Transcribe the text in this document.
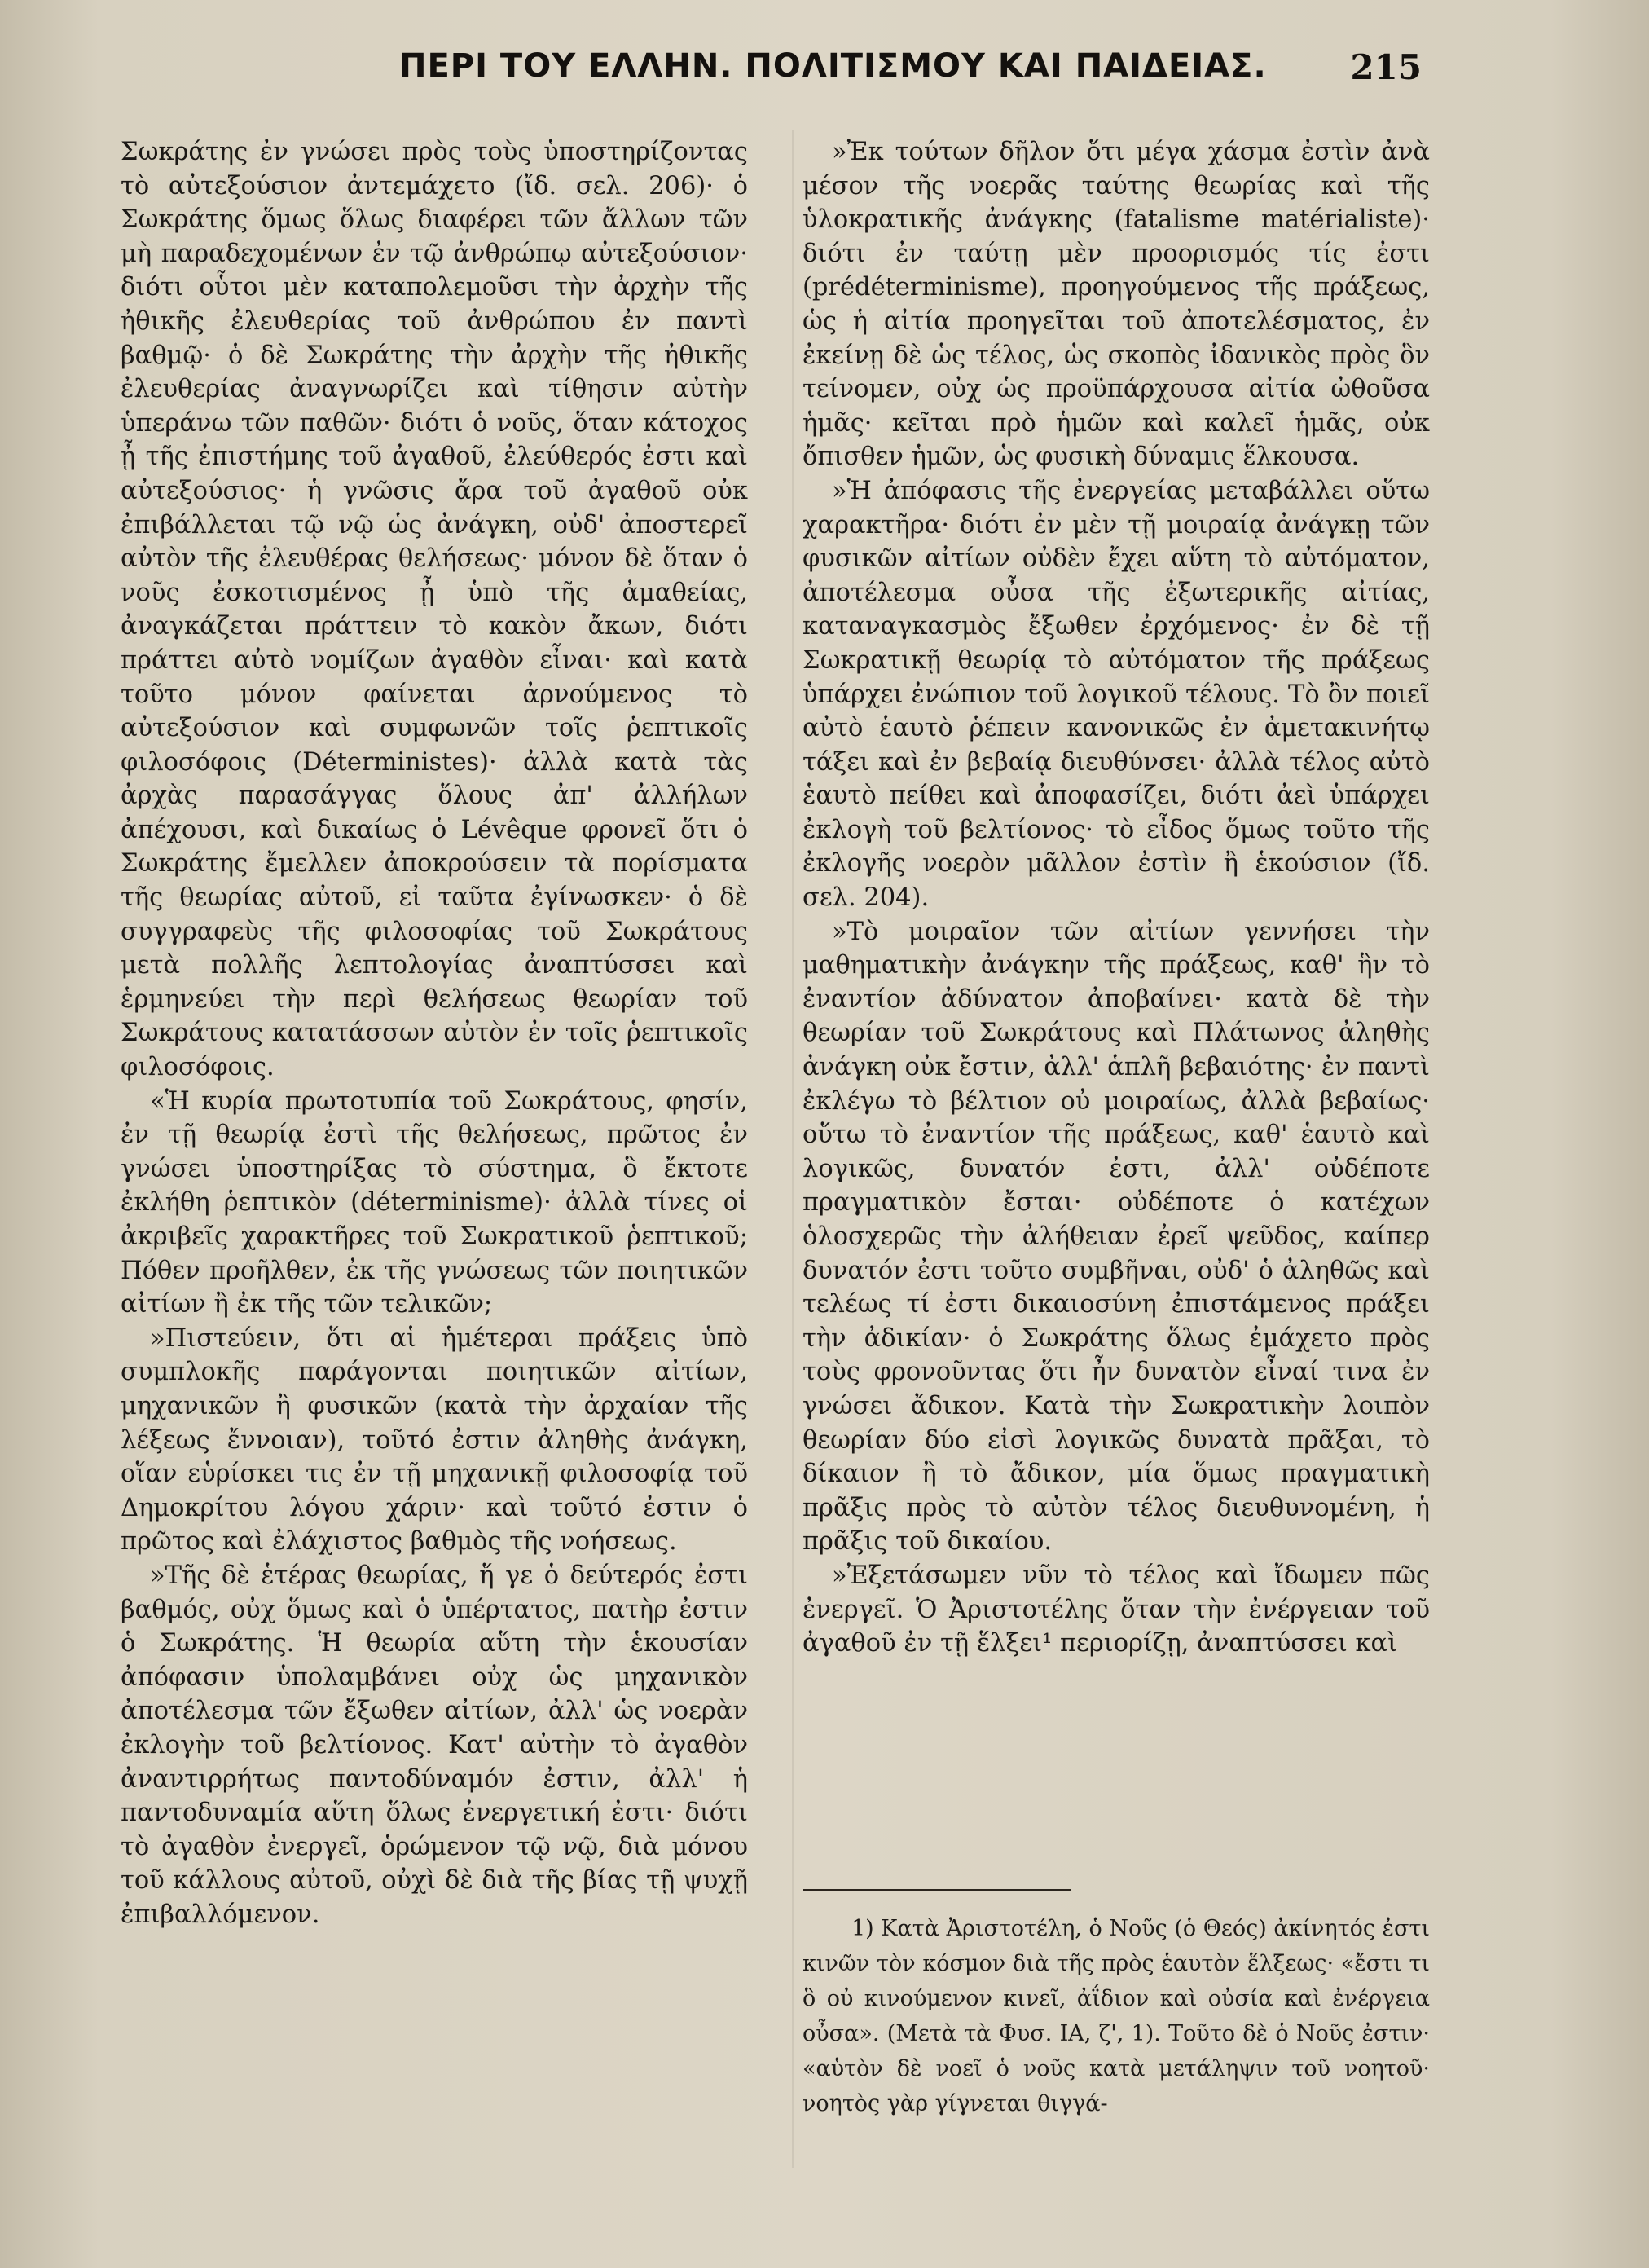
ΠΕΡΙ ΤΟΥ ΕΛΛΗΝ. ΠΟΛΙΤΙΣΜΟΥ ΚΑΙ ΠΑΙΔΕΙΑΣ. 215

Σωκράτης ἐν γνώσει πρὸς τοὺς ὑποστηρίζοντας τὸ αὐτεξούσιον ἀντεμάχετο (ἴδ. σελ. 206)· ὁ Σωκράτης ὅμως ὅλως διαφέρει τῶν ἄλλων τῶν μὴ παραδεχομένων ἐν τῷ ἀνθρώπῳ αὐτεξούσιον· διότι οὗτοι μὲν καταπολεμοῦσι τὴν ἀρχὴν τῆς ἠθικῆς ἐλευθερίας τοῦ ἀνθρώπου ἐν παντὶ βαθμῷ· ὁ δὲ Σωκράτης τὴν ἀρχὴν τῆς ἠθικῆς ἐλευθερίας ἀναγνωρίζει καὶ τίθησιν αὐτὴν ὑπεράνω τῶν παθῶν· διότι ὁ νοῦς, ὅταν κάτοχος ᾖ τῆς ἐπιστήμης τοῦ ἀγαθοῦ, ἐλεύθερός ἐστι καὶ αὐτεξούσιος· ἡ γνῶσις ἄρα τοῦ ἀγαθοῦ οὐκ ἐπιβάλλεται τῷ νῷ ὡς ἀνάγκη, οὐδ' ἀποστερεῖ αὐτὸν τῆς ἐλευθέρας θελήσεως· μόνον δὲ ὅταν ὁ νοῦς ἐσκοτισμένος ᾖ ὑπὸ τῆς ἀμαθείας, ἀναγκάζεται πράττειν τὸ κακὸν ἄκων, διότι πράττει αὐτὸ νομίζων ἀγαθὸν εἶναι· καὶ κατὰ τοῦτο μόνον φαίνεται ἀρνούμενος τὸ αὐτεξούσιον καὶ συμφωνῶν τοῖς ῥεπτικοῖς φιλοσόφοις (Déterministes)· ἀλλὰ κατὰ τὰς ἀρχὰς παρασάγγας ὅλους ἀπ' ἀλλήλων ἀπέχουσι, καὶ δικαίως ὁ Lévêque φρονεῖ ὅτι ὁ Σωκράτης ἔμελλεν ἀποκρούσειν τὰ πορίσματα τῆς θεωρίας αὐτοῦ, εἰ ταῦτα ἐγίνωσκεν· ὁ δὲ συγγραφεὺς τῆς φιλοσοφίας τοῦ Σωκράτους μετὰ πολλῆς λεπτολογίας ἀναπτύσσει καὶ ἑρμηνεύει τὴν περὶ θελήσεως θεωρίαν τοῦ Σωκράτους κατατάσσων αὐτὸν ἐν τοῖς ῥεπτικοῖς φιλοσόφοις.

«Ἡ κυρία πρωτοτυπία τοῦ Σωκράτους, φησίν, ἐν τῇ θεωρίᾳ ἐστὶ τῆς θελήσεως, πρῶτος ἐν γνώσει ὑποστηρίξας τὸ σύστημα, ὃ ἔκτοτε ἐκλήθη ῥεπτικὸν (déterminisme)· ἀλλὰ τίνες οἱ ἀκριβεῖς χαρακτῆρες τοῦ Σωκρατικοῦ ῥεπτικοῦ; Πόθεν προῆλθεν, ἐκ τῆς γνώσεως τῶν ποιητικῶν αἰτίων ἢ ἐκ τῆς τῶν τελικῶν;

»Πιστεύειν, ὅτι αἱ ἡμέτεραι πράξεις ὑπὸ συμπλοκῆς παράγονται ποιητικῶν αἰτίων, μηχανικῶν ἢ φυσικῶν (κατὰ τὴν ἀρχαίαν τῆς λέξεως ἔννοιαν), τοῦτό ἐστιν ἀληθὴς ἀνάγκη, οἵαν εὑρίσκει τις ἐν τῇ μηχανικῇ φιλοσοφίᾳ τοῦ Δημοκρίτου λόγου χάριν· καὶ τοῦτό ἐστιν ὁ πρῶτος καὶ ἐλάχιστος βαθμὸς τῆς νοήσεως.

»Τῆς δὲ ἑτέρας θεωρίας, ἥ γε ὁ δεύτερός ἐστι βαθμός, οὐχ ὅμως καὶ ὁ ὑπέρτατος, πατὴρ ἐστιν ὁ Σωκράτης. Ἡ θεωρία αὕτη τὴν ἑκουσίαν ἀπόφασιν ὑπολαμβάνει οὐχ ὡς μηχανικὸν ἀποτέλεσμα τῶν ἔξωθεν αἰτίων, ἀλλ' ὡς νοερὰν ἐκλογὴν τοῦ βελτίονος. Κατ' αὐτὴν τὸ ἀγαθὸν ἀναντιρρήτως παντοδύναμόν ἐστιν, ἀλλ' ἡ παντοδυναμία αὕτη ὅλως ἐνεργετική ἐστι· διότι τὸ ἀγαθὸν ἐνεργεῖ, ὁρώμενον τῷ νῷ, διὰ μόνου τοῦ κάλλους αὐτοῦ, οὐχὶ δὲ διὰ τῆς βίας τῇ ψυχῇ ἐπιβαλλόμενον.

»Ἐκ τούτων δῆλον ὅτι μέγα χάσμα ἐστὶν ἀνὰ μέσον τῆς νοερᾶς ταύτης θεωρίας καὶ τῆς ὑλοκρατικῆς ἀνάγκης (fatalisme matérialiste)· διότι ἐν ταύτῃ μὲν προορισμός τίς ἐστι (prédéterminisme), προηγούμενος τῆς πράξεως, ὡς ἡ αἰτία προηγεῖται τοῦ ἀποτελέσματος, ἐν ἐκείνῃ δὲ ὡς τέλος, ὡς σκοπὸς ἰδανικὸς πρὸς ὃν τείνομεν, οὐχ ὡς προϋπάρχουσα αἰτία ὠθοῦσα ἡμᾶς· κεῖται πρὸ ἡμῶν καὶ καλεῖ ἡμᾶς, οὐκ ὄπισθεν ἡμῶν, ὡς φυσικὴ δύναμις ἕλκουσα.

»Ἡ ἀπόφασις τῆς ἐνεργείας μεταβάλλει οὕτω χαρακτῆρα· διότι ἐν μὲν τῇ μοιραίᾳ ἀνάγκῃ τῶν φυσικῶν αἰτίων οὐδὲν ἔχει αὕτη τὸ αὐτόματον, ἀποτέλεσμα οὖσα τῆς ἐξωτερικῆς αἰτίας, καταναγκασμὸς ἔξωθεν ἐρχόμενος· ἐν δὲ τῇ Σωκρατικῇ θεωρίᾳ τὸ αὐτόματον τῆς πράξεως ὑπάρχει ἐνώπιον τοῦ λογικοῦ τέλους. Τὸ ὂν ποιεῖ αὐτὸ ἑαυτὸ ῥέπειν κανονικῶς ἐν ἀμετακινήτῳ τάξει καὶ ἐν βεβαίᾳ διευθύνσει· ἀλλὰ τέλος αὐτὸ ἑαυτὸ πείθει καὶ ἀποφασίζει, διότι ἀεὶ ὑπάρχει ἐκλογὴ τοῦ βελτίονος· τὸ εἶδος ὅμως τοῦτο τῆς ἐκλογῆς νοερὸν μᾶλλον ἐστὶν ἢ ἑκούσιον (ἴδ. σελ. 204).

»Τὸ μοιραῖον τῶν αἰτίων γεννήσει τὴν μαθηματικὴν ἀνάγκην τῆς πράξεως, καθ' ἣν τὸ ἐναντίον ἀδύνατον ἀποβαίνει· κατὰ δὲ τὴν θεωρίαν τοῦ Σωκράτους καὶ Πλάτωνος ἀληθὴς ἀνάγκη οὐκ ἔστιν, ἀλλ' ἁπλῆ βεβαιότης· ἐν παντὶ ἐκλέγω τὸ βέλτιον οὐ μοιραίως, ἀλλὰ βεβαίως· οὕτω τὸ ἐναντίον τῆς πράξεως, καθ' ἑαυτὸ καὶ λογικῶς, δυνατόν ἐστι, ἀλλ' οὐδέποτε πραγματικὸν ἔσται· οὐδέποτε ὁ κατέχων ὁλοσχερῶς τὴν ἀλήθειαν ἐρεῖ ψεῦδος, καίπερ δυνατόν ἐστι τοῦτο συμβῆναι, οὐδ' ὁ ἀληθῶς καὶ τελέως τί ἐστι δικαιοσύνη ἐπιστάμενος πράξει τὴν ἀδικίαν· ὁ Σωκράτης ὅλως ἐμάχετο πρὸς τοὺς φρονοῦντας ὅτι ἦν δυνατὸν εἶναί τινα ἐν γνώσει ἄδικον. Κατὰ τὴν Σωκρατικὴν λοιπὸν θεωρίαν δύο εἰσὶ λογικῶς δυνατὰ πρᾶξαι, τὸ δίκαιον ἢ τὸ ἄδικον, μία ὅμως πραγματικὴ πρᾶξις πρὸς τὸ αὐτὸν τέλος διευθυνομένη, ἡ πρᾶξις τοῦ δικαίου.

»Ἐξετάσωμεν νῦν τὸ τέλος καὶ ἴδωμεν πῶς ἐνεργεῖ. Ὁ Ἀριστοτέλης ὅταν τὴν ἐνέργειαν τοῦ ἀγαθοῦ ἐν τῇ ἕλξει¹ περιορίζῃ, ἀναπτύσσει καὶ

1) Κατὰ Ἀριστοτέλη, ὁ Νοῦς (ὁ Θεός) ἀκίνητός ἐστι κινῶν τὸν κόσμον διὰ τῆς πρὸς ἑαυτὸν ἕλξεως· «ἔστι τι ὃ οὐ κινούμενον κινεῖ, ἀΐδιον καὶ οὐσία καὶ ἐνέργεια οὖσα». (Μετὰ τὰ Φυσ. ΙΑ, ζ', 1). Τοῦτο δὲ ὁ Νοῦς ἐστιν· «αὑτὸν δὲ νοεῖ ὁ νοῦς κατὰ μετάληψιν τοῦ νοητοῦ· νοητὸς γὰρ γίγνεται θιγγά-
